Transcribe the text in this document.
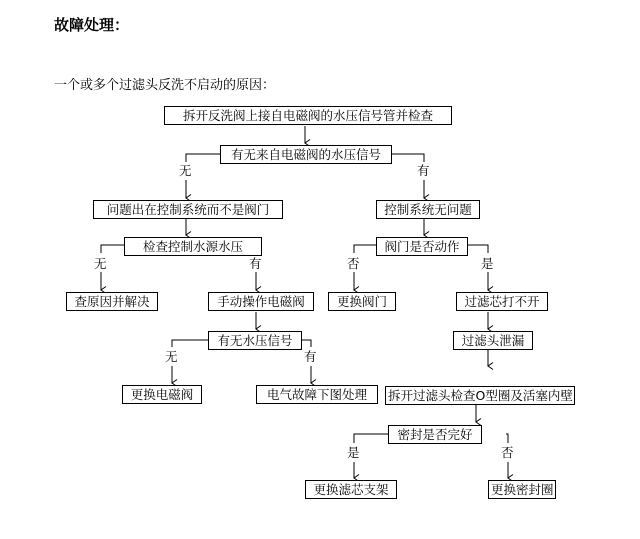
故障处理：
一个或多个过滤头反洗不启动的原因：
拆开反洗阀上接自电磁阀的水压信号管并检查
有无来自电磁阀的水压信号
问题出在控制系统而不是阀门	控制系统无问题
检查控制水源水压	阀门是否动作
查原因并解决	手动操作电磁阀	更换阀门	过滤芯打不开
有无水压信号	过滤头泄漏
更换电磁阀	电气故障下图处理	拆开过滤头检查O型圈及活塞内壁
密封是否完好
更换滤芯支架	更换密封圈
无	有
无	有	否	是
无	有
是	否
